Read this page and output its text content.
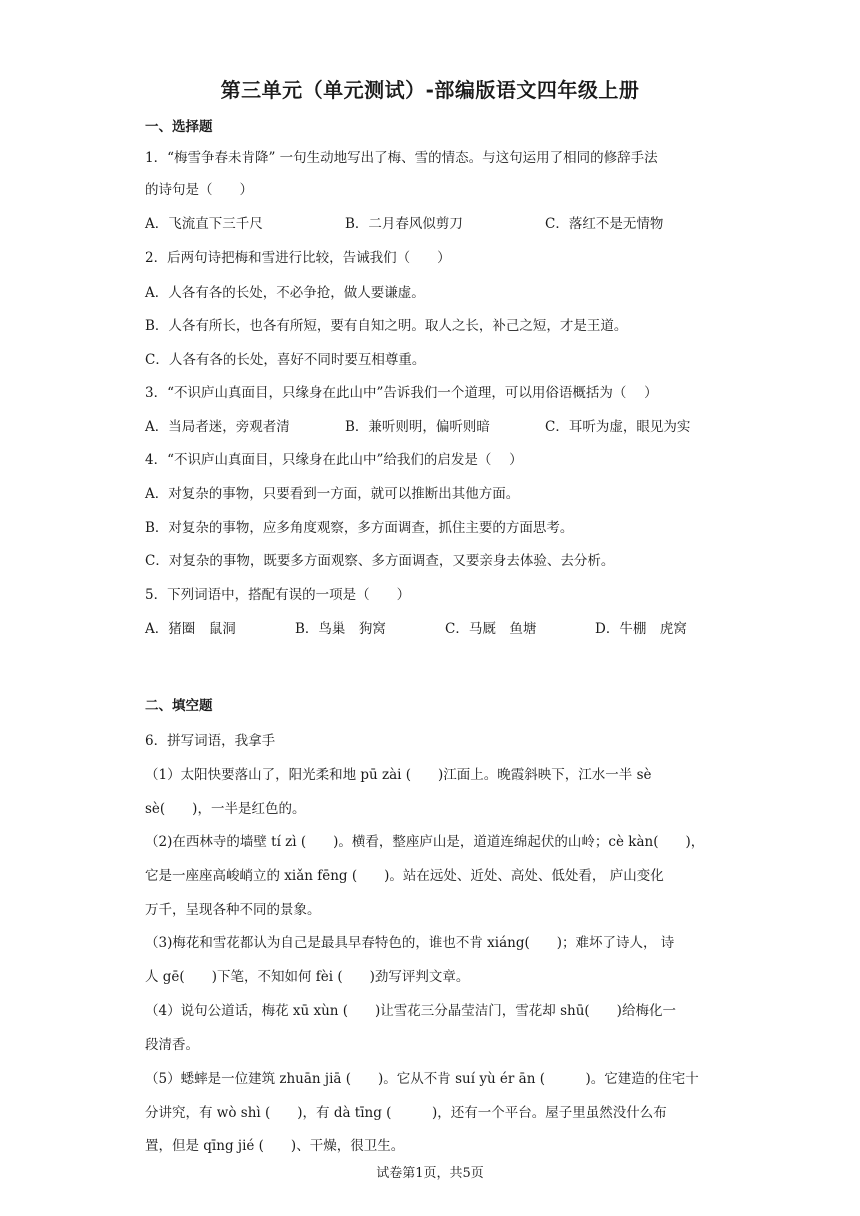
第三单元（单元测试）-部编版语文四年级上册
一、选择题
1．“梅雪争春未肯降” 一句生动地写出了梅、雪的情态。与这句运用了相同的修辞手法
的诗句是（　　）
A．飞流直下三千尺	B．二月春风似剪刀	C．落红不是无情物
2．后两句诗把梅和雪进行比较，告诫我们（　　）
A．人各有各的长处，不必争抢，做人要谦虚。
B．人各有所长，也各有所短，要有自知之明。取人之长，补己之短，才是王道。
C．人各有各的长处，喜好不同时要互相尊重。
3．“不识庐山真面目，只缘身在此山中”告诉我们一个道理，可以用俗语概括为（　 ）
A．当局者迷，旁观者清	B．兼听则明，偏听则暗	C．耳听为虚，眼见为实
4．“不识庐山真面目，只缘身在此山中”给我们的启发是（　 ）
A．对复杂的事物，只要看到一方面，就可以推断出其他方面。
B．对复杂的事物，应多角度观察，多方面调查，抓住主要的方面思考。
C．对复杂的事物，既要多方面观察、多方面调查，又要亲身去体验、去分析。
5．下列词语中，搭配有误的一项是（　　）
A．猪圈　鼠洞	B．鸟巢　狗窝	C．马厩　鱼塘	D．牛棚　虎窝
二、填空题
6．拼写词语，我拿手
（1）太阳快要落山了，阳光柔和地 pū zài (　　)江面上。晚霞斜映下，江水一半 sè
sè(　　)，一半是红色的。
（2)在西林寺的墙壁 tí zì (　　)。横看，整座庐山是，道道连绵起伏的山岭；cè kàn(　　)，
它是一座座高峻峭立的 xiǎn fēng (　　)。站在远处、近处、高处、低处看， 庐山变化
万千，呈现各种不同的景象。
（3)梅花和雪花都认为自己是最具早春特色的，谁也不肯 xiáng(　　)；难坏了诗人， 诗
人 gē(　　)下笔，不知如何 fèi (　　)劲写评判文章。
（4）说句公道话，梅花 xū xùn (　　)让雪花三分晶莹洁门，雪花却 shū(　　)给梅化一
段清香。
（5）蟋蟀是一位建筑 zhuān jiā (　　)。它从不肯 suí yù ér ān (　　　)。它建造的住宅十
分讲究，有 wò shì (　　)，有 dà tīng (　　　)，还有一个平台。屋子里虽然没什么布
置，但是 qīng jié (　　)、干燥，很卫生。
试卷第1页，共5页
